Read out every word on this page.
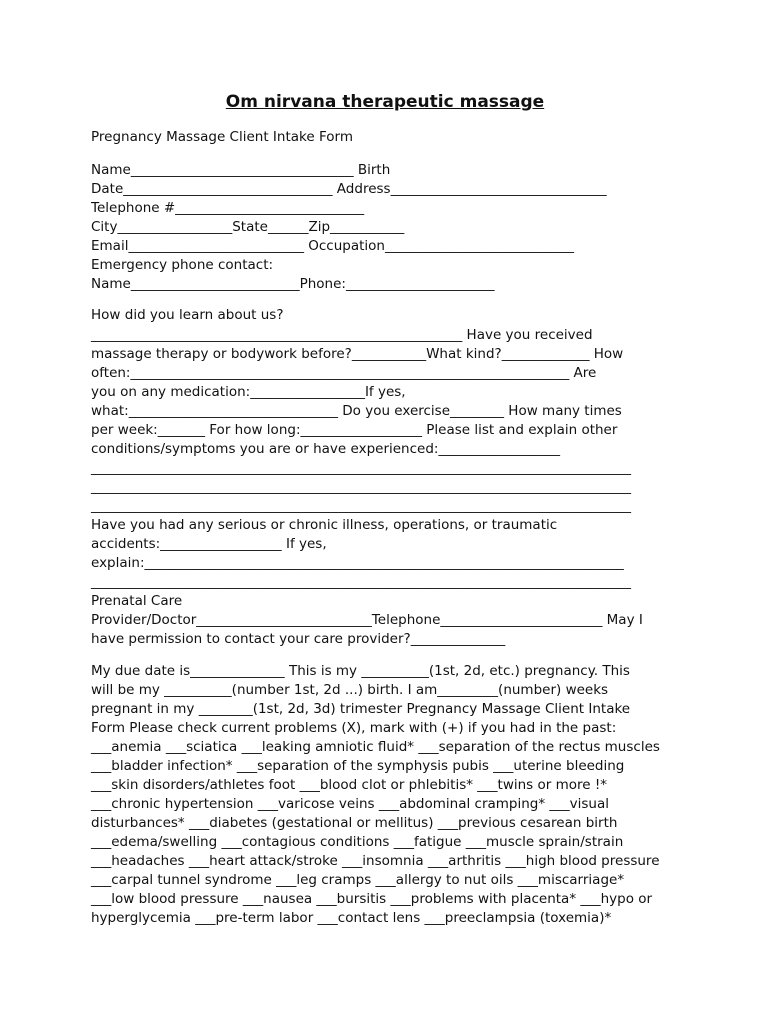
Om nirvana therapeutic massage
Pregnancy Massage Client Intake Form
Name_________________________________ Birth
Date_______________________________ Address________________________________
Telephone #____________________________
City_________________State______Zip___________
Email__________________________ Occupation____________________________
Emergency phone contact:
Name_________________________Phone:______________________
How did you learn about us?
_______________________________________________________ Have you received
massage therapy or bodywork before?___________What kind?_____________ How
often:_________________________________________________________________ Are
you on any medication:_________________If yes,
what:_______________________________ Do you exercise________ How many times
per week:_______ For how long:__________________ Please list and explain other
conditions/symptoms you are or have experienced:__________________
________________________________________________________________________________
________________________________________________________________________________
________________________________________________________________________________
Have you had any serious or chronic illness, operations, or traumatic
accidents:__________________ If yes,
explain:_______________________________________________________________________
________________________________________________________________________________
Prenatal Care
Provider/Doctor__________________________Telephone________________________ May I
have permission to contact your care provider?______________
My due date is______________ This is my __________(1st, 2d, etc.) pregnancy. This
will be my __________(number 1st, 2d ...) birth. I am_________(number) weeks
pregnant in my ________(1st, 2d, 3d) trimester Pregnancy Massage Client Intake
Form Please check current problems (X), mark with (+) if you had in the past:
___anemia ___sciatica ___leaking amniotic fluid* ___separation of the rectus muscles
___bladder infection* ___separation of the symphysis pubis ___uterine bleeding
___skin disorders/athletes foot ___blood clot or phlebitis* ___twins or more !*
___chronic hypertension ___varicose veins ___abdominal cramping* ___visual
disturbances* ___diabetes (gestational or mellitus) ___previous cesarean birth
___edema/swelling ___contagious conditions ___fatigue ___muscle sprain/strain
___headaches ___heart attack/stroke ___insomnia ___arthritis ___high blood pressure
___carpal tunnel syndrome ___leg cramps ___allergy to nut oils ___miscarriage*
___low blood pressure ___nausea ___bursitis ___problems with placenta* ___hypo or
hyperglycemia ___pre-term labor ___contact lens ___preeclampsia (toxemia)*
